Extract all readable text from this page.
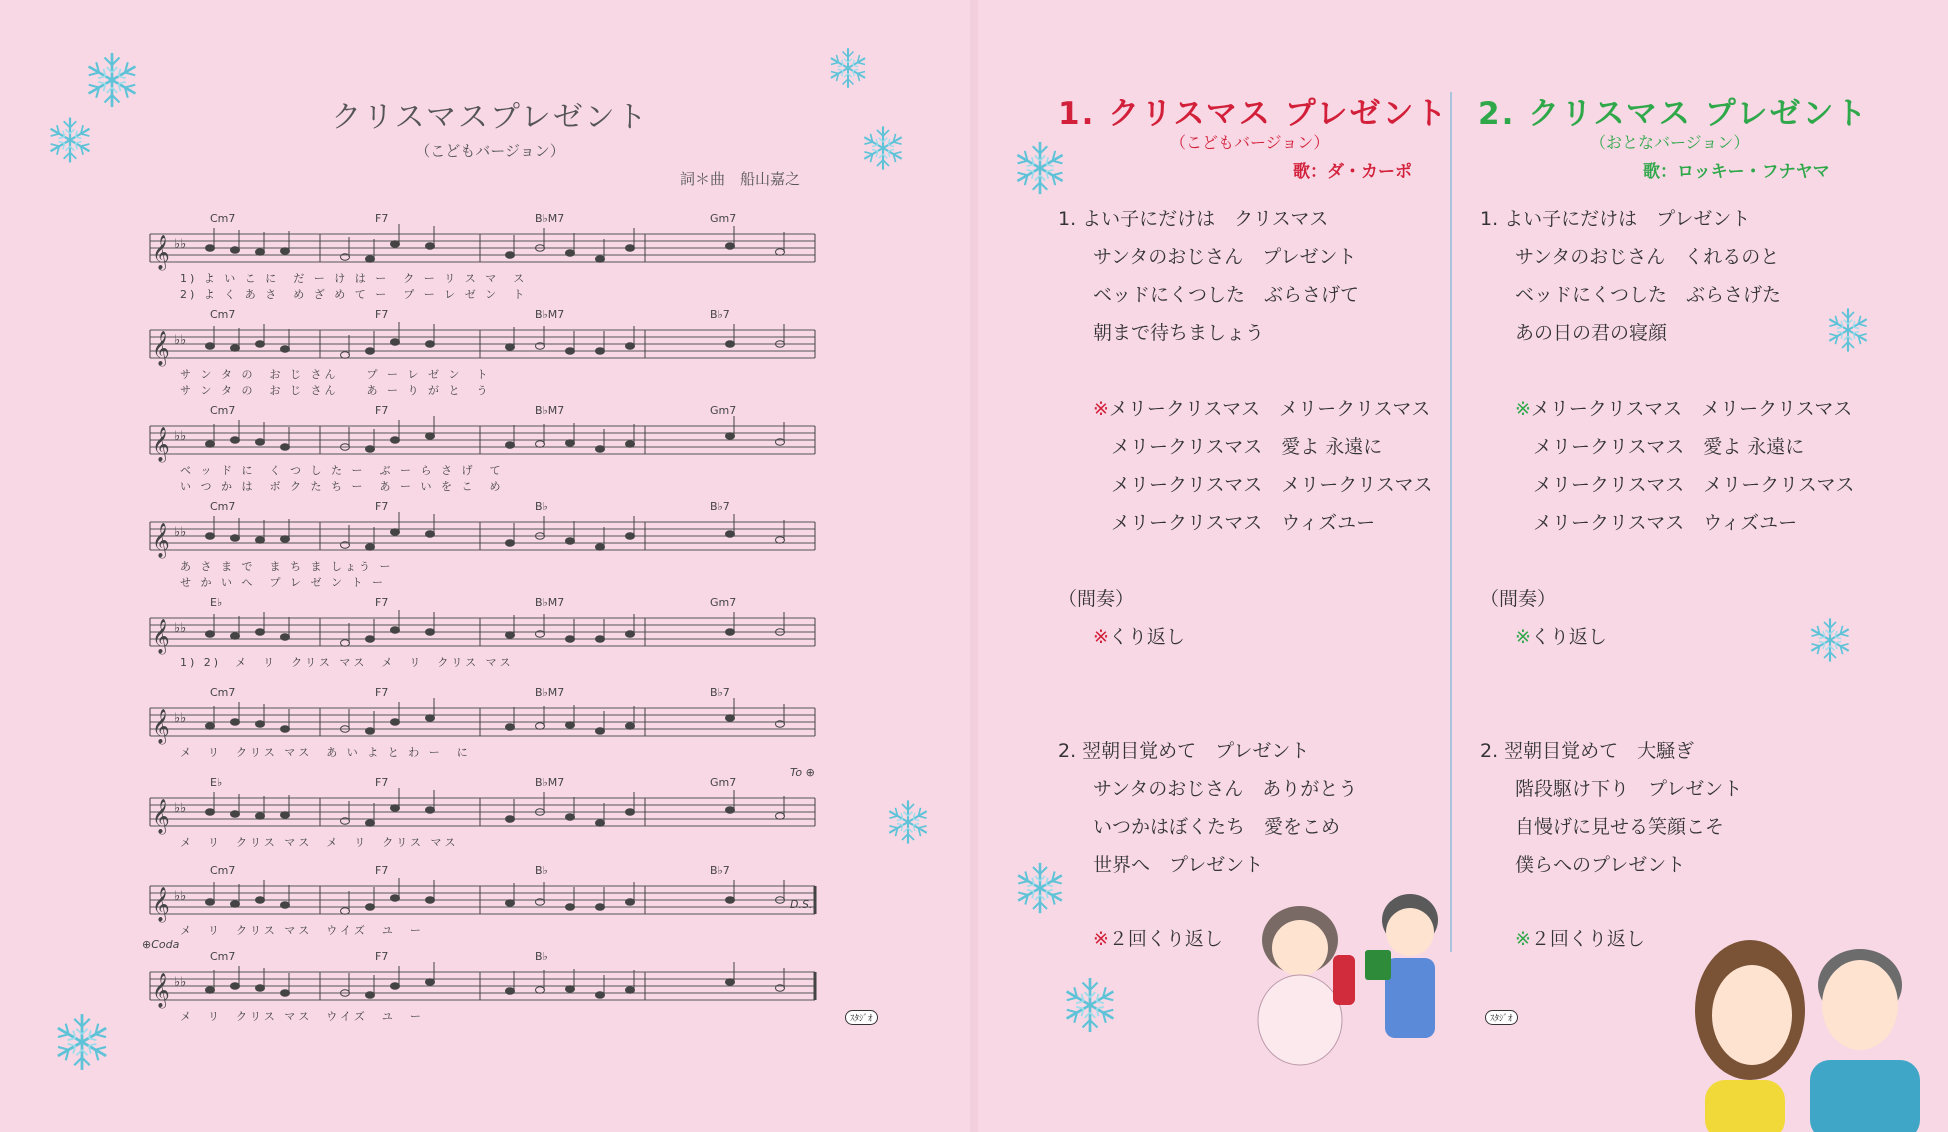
クリスマスプレゼント
（こどもバージョン）
詞＊曲　船山嘉之
Cm7	F7	B♭M7	Gm7
𝄞 ♭♭
1) よ い こ に　だ ー け は ー　ク ー リ ス マ　ス
2) よ く あ さ　め ざ め て ー　プ ー レ ゼ ン　ト
Cm7	F7	B♭M7	B♭7
𝄞 ♭♭
サ ン タ の　お じ さん　　プ ー レ ゼ ン　ト
サ ン タ の　お じ さん　　あ ー り が と　う
Cm7	F7	B♭M7	Gm7
𝄞 ♭♭
ベ ッ ド に　く つ し た ー　ぶ ー ら さ げ　て
い つ か は　ボ ク た ち ー　あ ー い を こ　め
Cm7	F7	B♭	B♭7
𝄞 ♭♭
あ さ ま で　ま ち ま しょう ー
せ か い へ　プ レ ゼ ン ト ー
E♭	F7	B♭M7	Gm7
𝄞 ♭♭
1) 2)　メ　リ　クリス マス　メ　リ　クリス マス
Cm7	F7	B♭M7	B♭7
𝄞 ♭♭
メ　リ　クリス マス　あ い よ と わ ー　に
E♭	F7	B♭M7	Gm7
𝄞 ♭♭
メ　リ　クリス マス　メ　リ　クリス マス
Cm7	F7	B♭	B♭7
𝄞 ♭♭
メ　リ　クリス マス　ウイズ　ユ　ー
Cm7	F7	B♭
𝄞 ♭♭
メ　リ　クリス マス　ウイズ　ユ　ー	ｽﾀｼﾞｵ	ｽﾀｼﾞｵ
1. クリスマス プレゼント
（こどもバージョン）
歌：ダ・カーポ
2. クリスマス プレゼント
（おとなバージョン）
歌：ロッキー・フナヤマ
1. よい子にだけは　クリスマス
サンタのおじさん　プレゼント
ベッドにくつした　ぶらさげて
朝まで待ちましょう
※メリークリスマス　メリークリスマス
メリークリスマス　愛よ 永遠に
メリークリスマス　メリークリスマス
メリークリスマス　ウィズユー
（間奏）
※くり返し
2. 翌朝目覚めて　プレゼント
サンタのおじさん　ありがとう
いつかはぼくたち　愛をこめ
世界へ　プレゼント
※２回くり返し
1. よい子にだけは　プレゼント
サンタのおじさん　くれるのと
ベッドにくつした　ぶらさげた
あの日の君の寝顔
※メリークリスマス　メリークリスマス
メリークリスマス　愛よ 永遠に
メリークリスマス　メリークリスマス
メリークリスマス　ウィズユー
（間奏）
※くり返し
2. 翌朝目覚めて　大騒ぎ
階段駆け下り　プレゼント
自慢げに見せる笑顔こそ
僕らへのプレゼント
※２回くり返し
To ⊕
D.S.
⊕Coda
